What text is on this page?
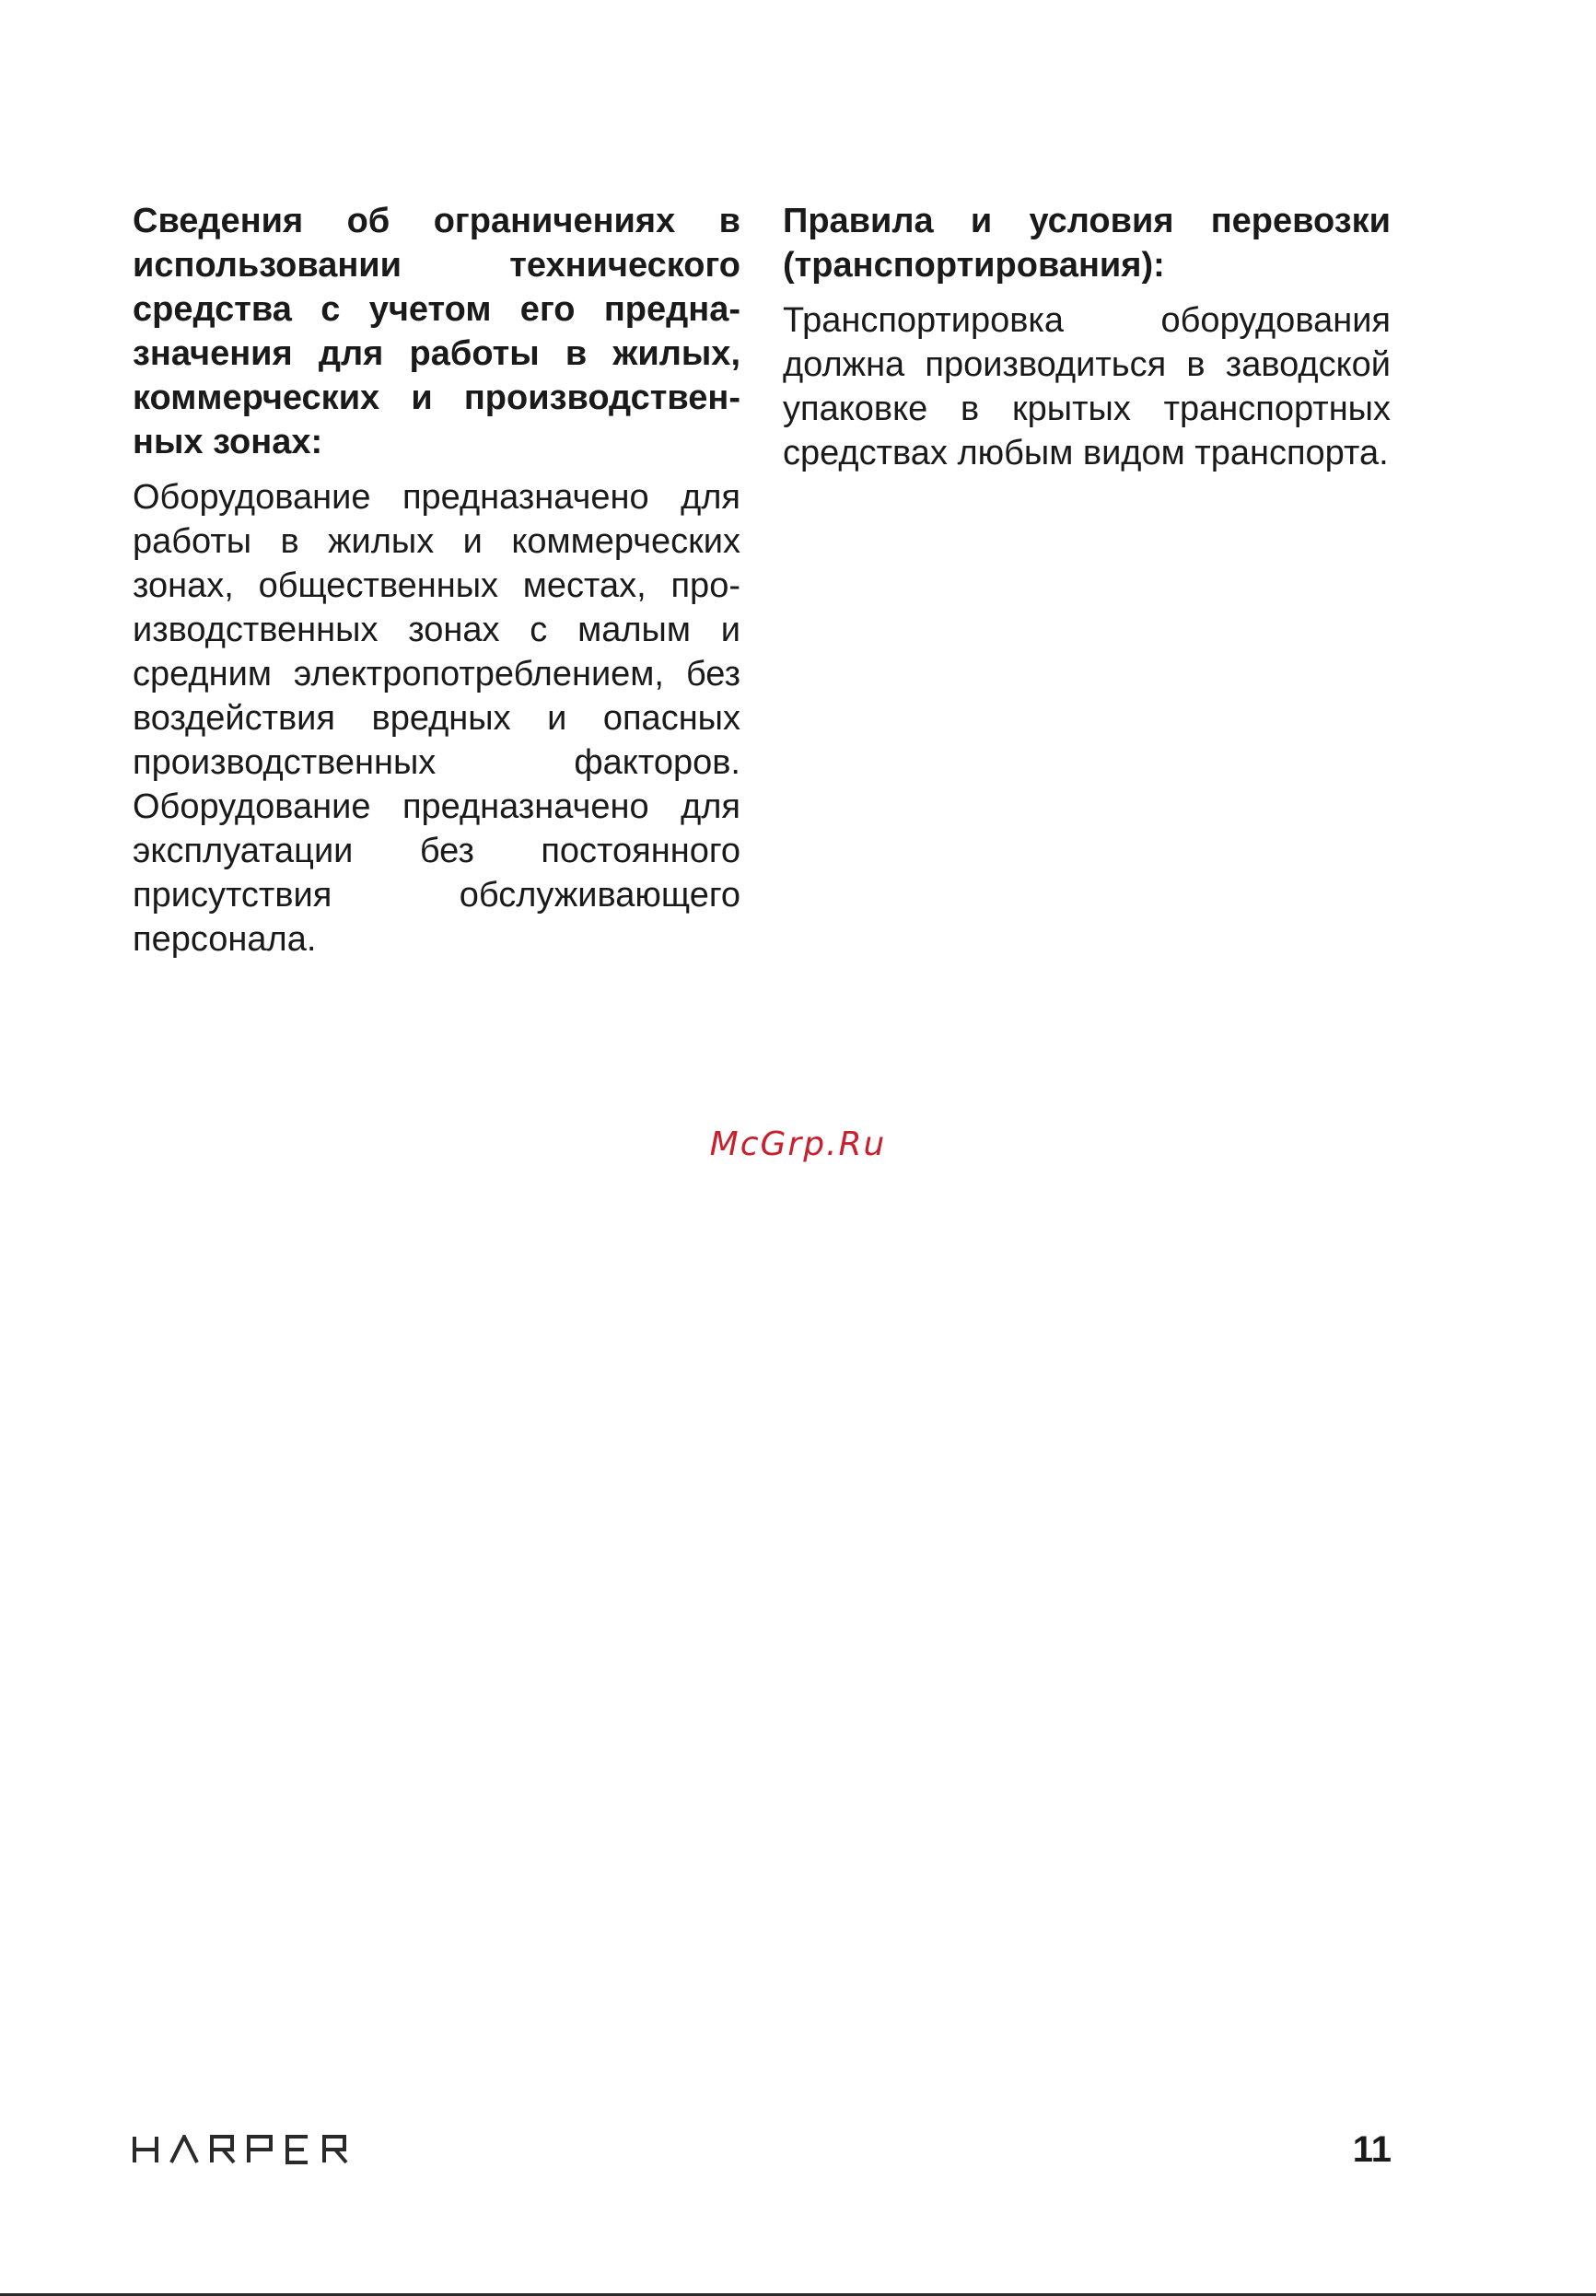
Сведения об ограничениях в использовании технического средства с учетом его предназначения для работы в жилых, коммерческих и производственных зонах:

Оборудование предназначено для работы в жилых и коммерческих зонах, общественных местах, производственных зонах с малым и средним электропотреблением, без воздействия вредных и опасных производственных факторов. Оборудование предназначено для эксплуатации без постоянного присутствия обслуживающего персонала.

Правила и условия перевозки (транспортирования):

Транспортировка оборудования должна производиться в заводской упаковке в крытых транспортных средствах любым видом транспорта.

McGrp.Ru
11
